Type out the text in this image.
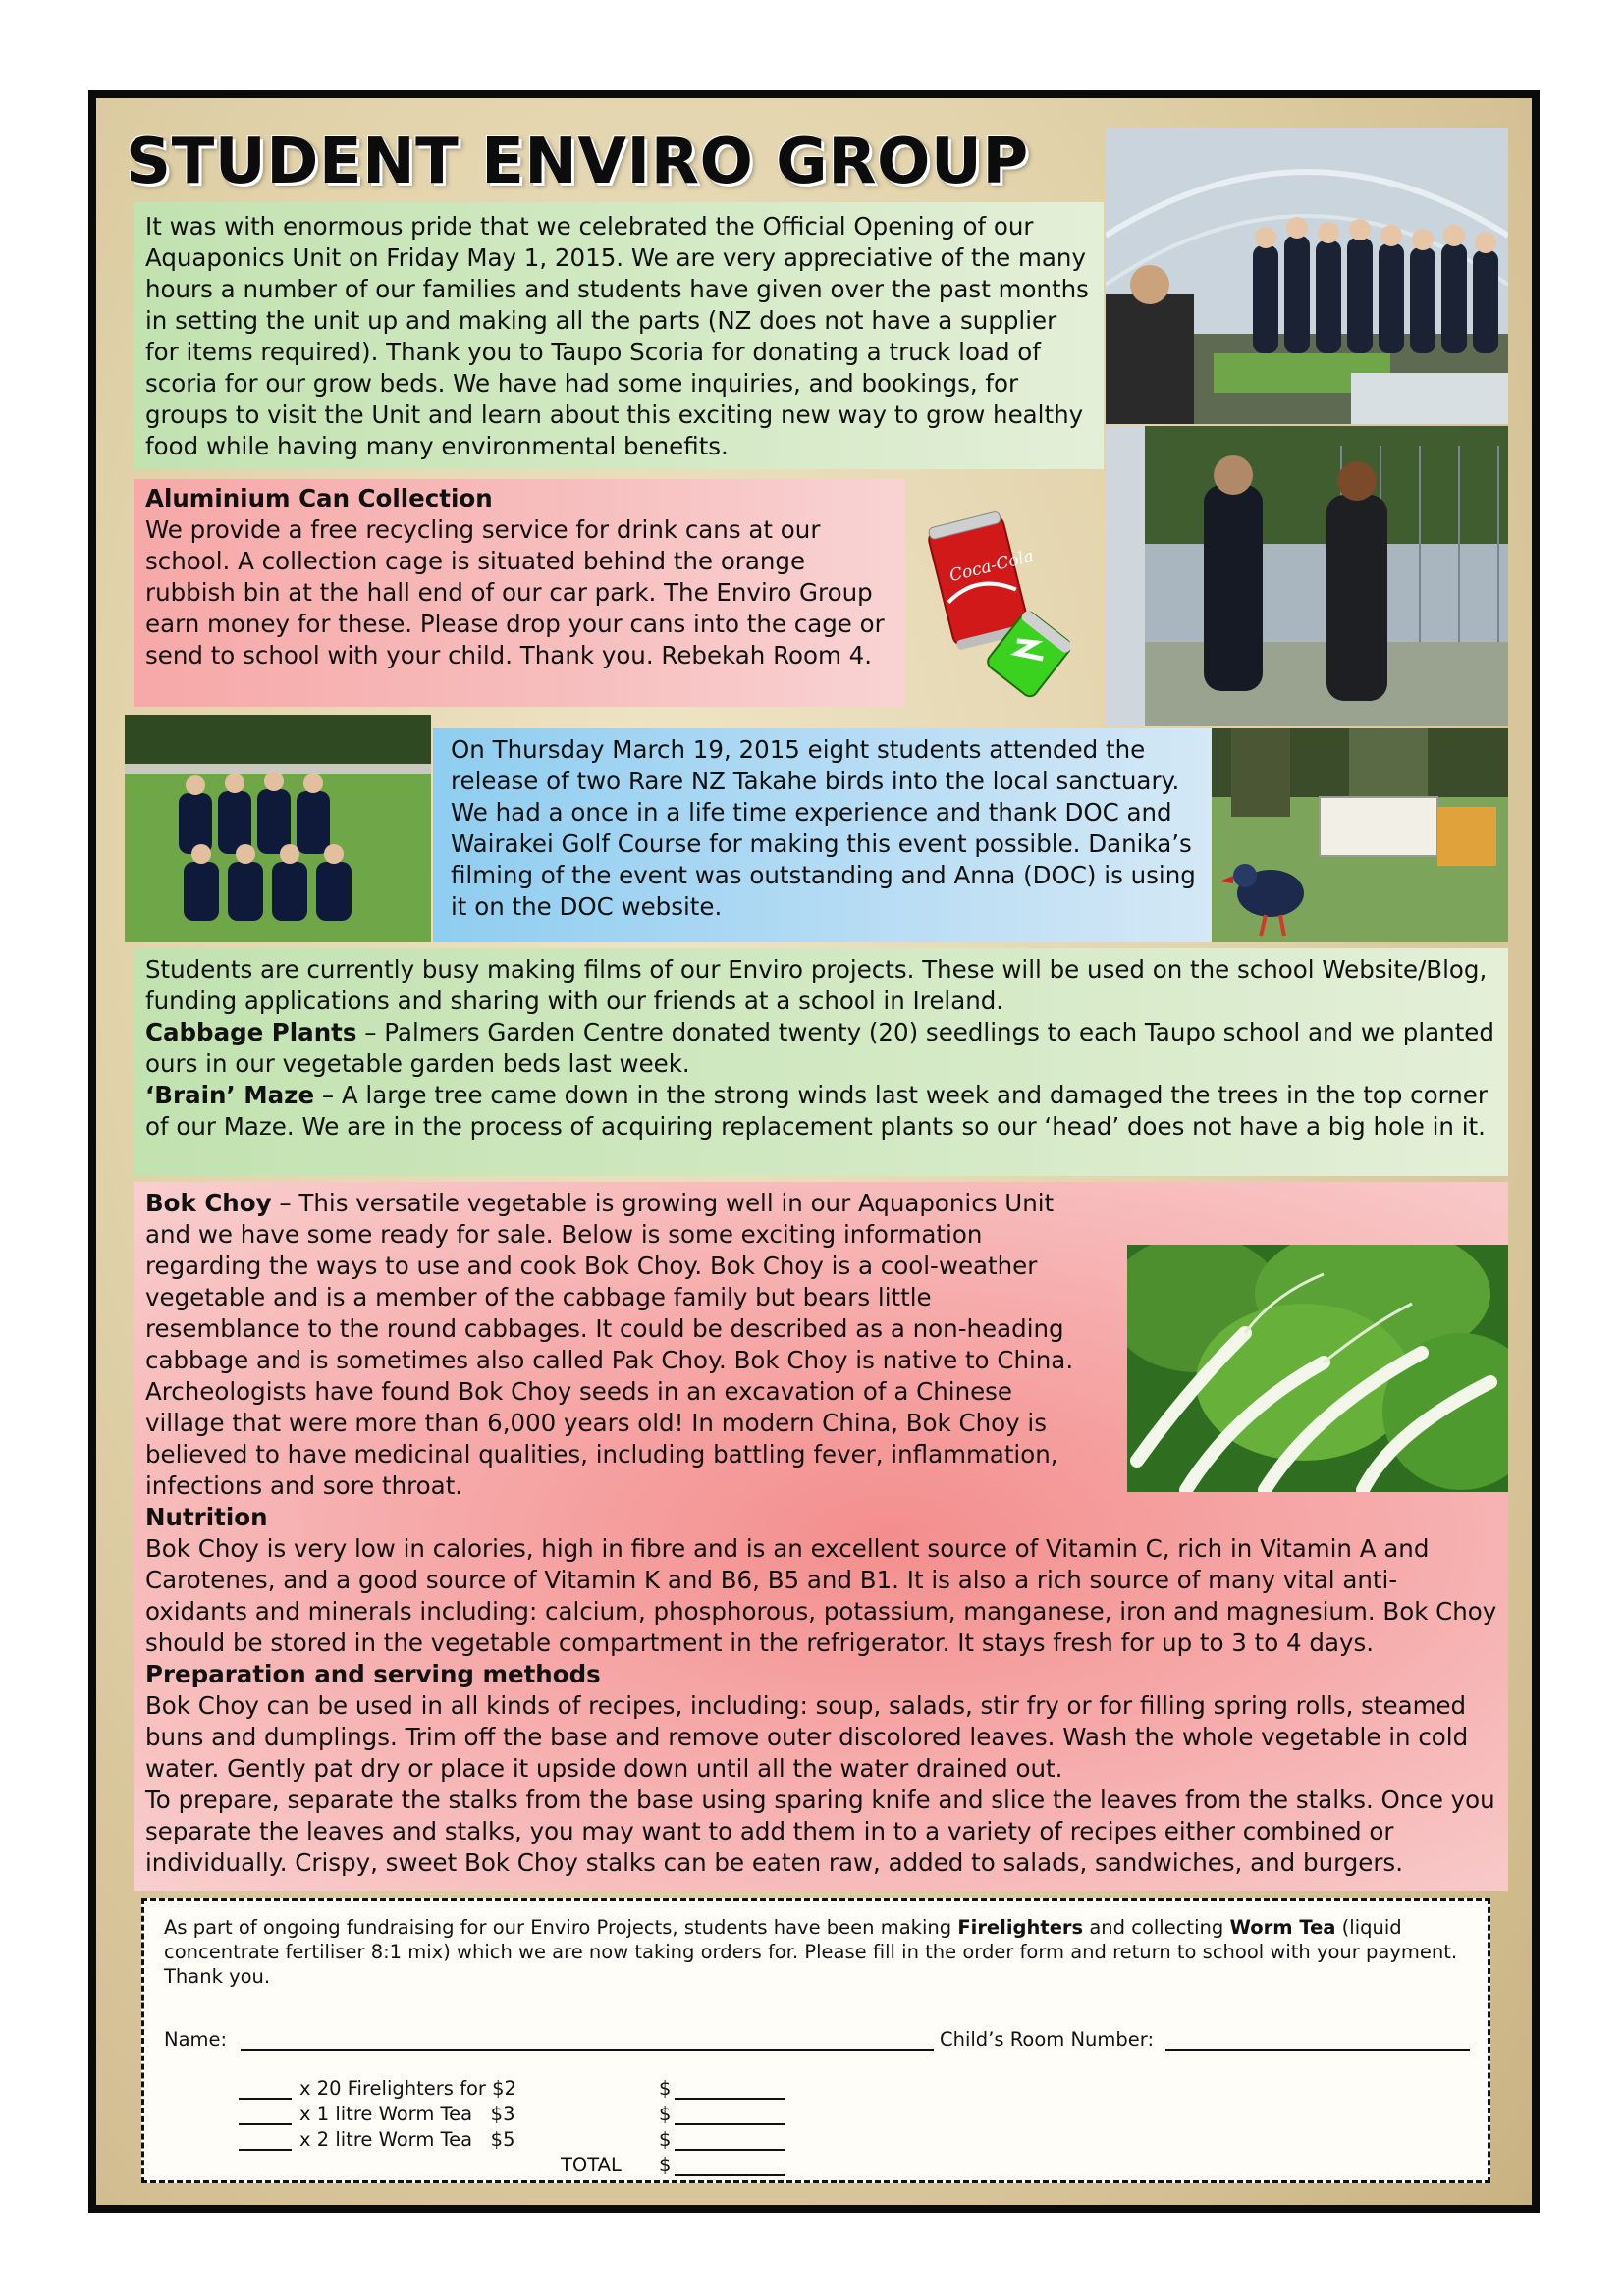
STUDENT ENVIRO GROUP

It was with enormous pride that we celebrated the Official Opening of our Aquaponics Unit on Friday May 1, 2015. We are very appreciative of the many hours a number of our families and students have given over the past months in setting the unit up and making all the parts (NZ does not have a supplier for items required). Thank you to Taupo Scoria for donating a truck load of scoria for our grow beds. We have had some inquiries, and bookings, for groups to visit the Unit and learn about this exciting new way to grow healthy food while having many environmental benefits.

Aluminium Can Collection

We provide a free recycling service for drink cans at our school. A collection cage is situated behind the orange rubbish bin at the hall end of our car park. The Enviro Group earn money for these. Please drop your cans into the cage or send to school with your child. Thank you. Rebekah Room 4.

Coca-Cola

On Thursday March 19, 2015 eight students attended the release of two Rare NZ Takahe birds into the local sanctuary. We had a once in a life time experience and thank DOC and Wairakei Golf Course for making this event possible. Danika’s filming of the event was outstanding and Anna (DOC) is using it on the DOC website.

Students are currently busy making films of our Enviro projects. These will be used on the school Website/Blog, funding applications and sharing with our friends at a school in Ireland.

Cabbage Plants – Palmers Garden Centre donated twenty (20) seedlings to each Taupo school and we planted ours in our vegetable garden beds last week.

‘Brain’ Maze – A large tree came down in the strong winds last week and damaged the trees in the top corner of our Maze. We are in the process of acquiring replacement plants so our ‘head’ does not have a big hole in it.

Bok Choy – This versatile vegetable is growing well in our Aquaponics Unit and we have some ready for sale. Below is some exciting information regarding the ways to use and cook Bok Choy. Bok Choy is a cool-weather vegetable and is a member of the cabbage family but bears little resemblance to the round cabbages. It could be described as a non-heading cabbage and is sometimes also called Pak Choy. Bok Choy is native to China. Archeologists have found Bok Choy seeds in an excavation of a Chinese village that were more than 6,000 years old! In modern China, Bok Choy is believed to have medicinal qualities, including battling fever, inflammation, infections and sore throat.

Nutrition

Bok Choy is very low in calories, high in fibre and is an excellent source of Vitamin C, rich in Vitamin A and Carotenes, and a good source of Vitamin K and B6, B5 and B1. It is also a rich source of many vital anti-oxidants and minerals including: calcium, phosphorous, potassium, manganese, iron and magnesium. Bok Choy should be stored in the vegetable compartment in the refrigerator. It stays fresh for up to 3 to 4 days.

Preparation and serving methods

Bok Choy can be used in all kinds of recipes, including: soup, salads, stir fry or for filling spring rolls, steamed buns and dumplings. Trim off the base and remove outer discolored leaves. Wash the whole vegetable in cold water. Gently pat dry or place it upside down until all the water drained out.

To prepare, separate the stalks from the base using sparing knife and slice the leaves from the stalks. Once you separate the leaves and stalks, you may want to add them in to a variety of recipes either combined or individually. Crispy, sweet Bok Choy stalks can be eaten raw, added to salads, sandwiches, and burgers.

As part of ongoing fundraising for our Enviro Projects, students have been making Firelighters and collecting Worm Tea (liquid concentrate fertiliser 8:1 mix) which we are now taking orders for. Please fill in the order form and return to school with your payment. Thank you.

Name:	Child’s Room Number:
x 20 Firelighters for $2	$
x 1 litre Worm Tea   $3	$
x 2 litre Worm Tea   $5	$
TOTAL $
